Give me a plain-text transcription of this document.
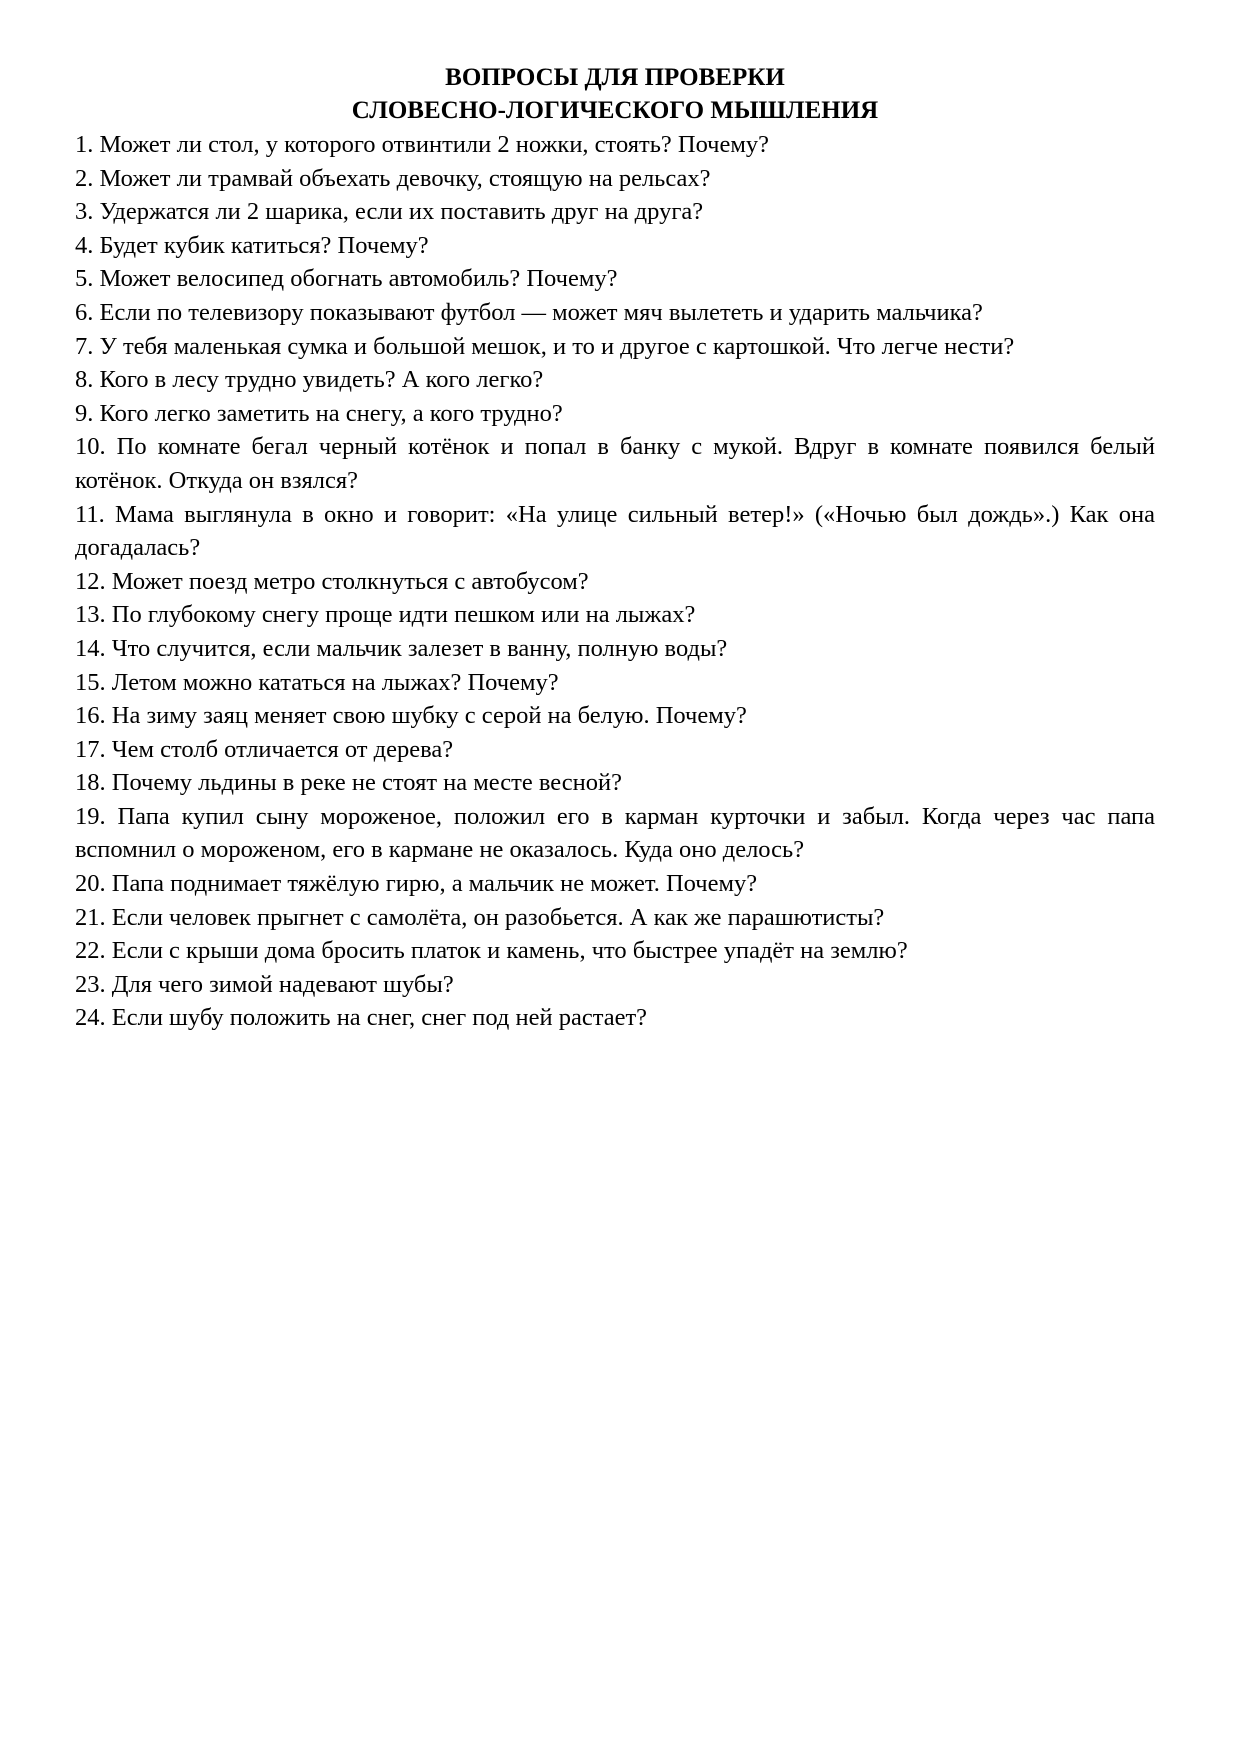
ВОПРОСЫ ДЛЯ ПРОВЕРКИ
СЛОВЕСНО-ЛОГИЧЕСКОГО МЫШЛЕНИЯ
1. Может ли стол, у которого отвинтили 2 ножки, стоять? Почему?
2. Может ли трамвай объехать девочку, стоящую на рельсах?
3. Удержатся ли 2 шарика, если их поставить друг на друга?
4. Будет кубик катиться? Почему?
5. Может велосипед обогнать автомобиль? Почему?
6. Если по телевизору показывают футбол — может мяч вылететь и ударить мальчика?
7. У тебя маленькая сумка и большой мешок, и то и другое с картошкой. Что легче нести?
8. Кого в лесу трудно увидеть? А кого легко?
9. Кого легко заметить на снегу, а кого трудно?
10. По комнате бегал черный котёнок и попал в банку с мукой. Вдруг в комнате появился белый котёнок. Откуда он взялся?
11. Мама выглянула в окно и говорит: «На улице сильный ветер!» («Ночью был дождь».) Как она догадалась?
12. Может поезд метро столкнуться с автобусом?
13. По глубокому снегу проще идти пешком или на лыжах?
14. Что случится, если мальчик залезет в ванну, полную воды?
15. Летом можно кататься на лыжах? Почему?
16. На зиму заяц меняет свою шубку с серой на белую. Почему?
17. Чем столб отличается от дерева?
18. Почему льдины в реке не стоят на месте весной?
19. Папа купил сыну мороженое, положил его в карман курточки и забыл. Когда через час папа вспомнил о мороженом, его в кармане не оказалось. Куда оно делось?
20. Папа поднимает тяжёлую гирю, а мальчик не может. Почему?
21. Если человек прыгнет с самолёта, он разобьется. А как же парашютисты?
22. Если с крыши дома бросить платок и камень, что быстрее упадёт на землю?
23. Для чего зимой надевают шубы?
24. Если шубу положить на снег, снег под ней растает?
